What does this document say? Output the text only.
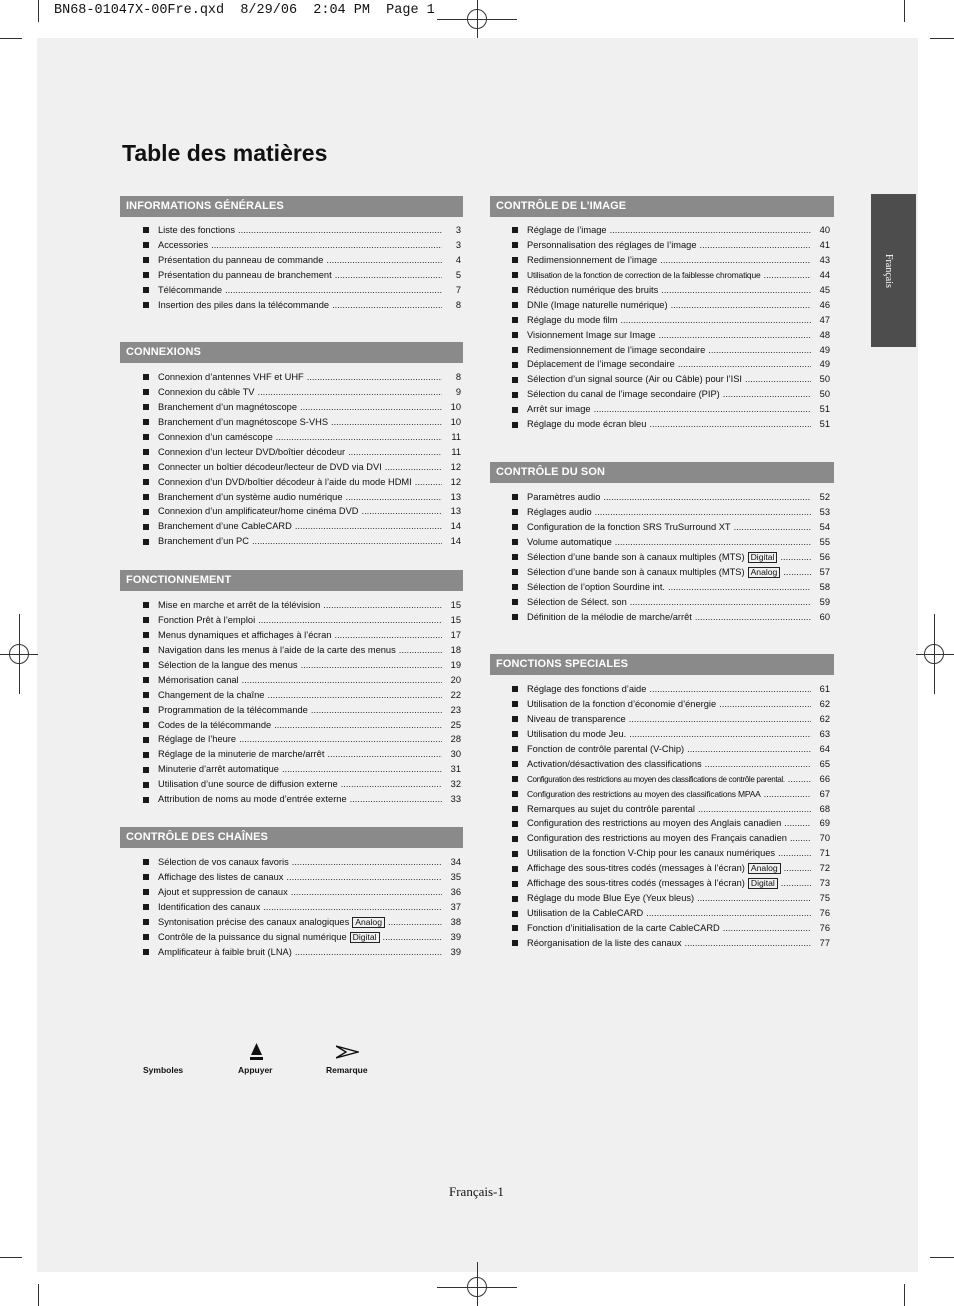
BN68-01047X-00Fre.qxd  8/29/06  2:04 PM  Page 1
Français
Table des matières
INFORMATIONS GÉNÉRALES
Liste des fonctions .....	3
Accessories .....	3
Présentation du panneau de commande .....	4
Présentation du panneau de branchement .....	5
Télécommande .....	7
Insertion des piles dans la télécommande .....	8
CONNEXIONS
Connexion d’antennes VHF et UHF .....	8
Connexion du câble TV .....	9
Branchement d’un magnétoscope .....	10
Branchement d’un magnétoscope S-VHS .....	10
Connexion d’un caméscope .....	11
Connexion d’un lecteur DVD/boîtier décodeur .....	11
Connecter un boîtier décodeur/lecteur de DVD via DVI .....	12
Connexion d’un DVD/boîtier décodeur à l’aide du mode HDMI .....	12
Branchement d’un système audio numérique .....	13
Connexion d’un amplificateur/home cinéma DVD .....	13
Branchement d’une CableCARD .....	14
Branchement d’un PC .....	14
FONCTIONNEMENT
Mise en marche et arrêt de la télévision .....	15
Fonction Prêt à l’emploi .....	15
Menus dynamiques et affichages à l’écran .....	17
Navigation dans les menus à l’aide de la carte des menus .....	18
Sélection de la langue des menus .....	19
Mémorisation canal .....	20
Changement de la chaîne .....	22
Programmation de la télécommande .....	23
Codes de la télécommande .....	25
Réglage de l’heure .....	28
Réglage de la minuterie de marche/arrêt .....	30
Minuterie d’arrêt automatique .....	31
Utilisation d’une source de diffusion externe .....	32
Attribution de noms au mode d’entrée externe .....	33
CONTRÔLE DES CHAÎNES
Sélection de vos canaux favoris .....	34
Affichage des listes de canaux .....	35
Ajout et suppression de canaux .....	36
Identification des canaux .....	37
Syntonisation précise des canaux analogiques Analog .....	38
Contrôle de la puissance du signal numérique Digital .....	39
Amplificateur à faible bruit (LNA) .....	39
CONTRÔLE DE L’IMAGE
Réglage de l’image .....	40
Personnalisation des réglages de l’image .....	41
Redimensionnement de l’image .....	43
Utilisation de la fonction de correction de la faiblesse chromatique .....	44
Réduction numérique des bruits .....	45
DNIe (Image naturelle numérique) .....	46
Réglage du mode film .....	47
Visionnement Image sur Image .....	48
Redimensionnement de l’image secondaire .....	49
Déplacement de l’image secondaire .....	49
Sélection d’un signal source (Air ou Câble) pour l’ISI .....	50
Sélection du canal de l’image secondaire (PIP) .....	50
Arrêt sur image .....	51
Réglage du mode écran bleu .....	51
CONTRÔLE DU SON
Paramètres audio .....	52
Réglages audio .....	53
Configuration de la fonction SRS TruSurround XT .....	54
Volume automatique .....	55
Sélection d’une bande son à canaux multiples (MTS) Digital .....	56
Sélection d’une bande son à canaux multiples (MTS) Analog .....	57
Sélection de l’option Sourdine int. .....	58
Sélection de Sélect. son .....	59
Définition de la mélodie de marche/arrêt .....	60
FONCTIONS SPECIALES
Réglage des fonctions d’aide .....	61
Utilisation de la fonction d’économie d’énergie .....	62
Niveau de transparence .....	62
Utilisation du mode Jeu. .....	63
Fonction de contrôle parental (V-Chip) .....	64
Activation/désactivation des classifications .....	65
Configuration des restrictions au moyen des classifications de contrôle parental. .....	66
Configuration des restrictions au moyen des classifications MPAA .....	67
Remarques au sujet du contrôle parental .....	68
Configuration des restrictions au moyen des Anglais canadien .....	69
Configuration des restrictions au moyen des Français canadien .....	70
Utilisation de la fonction V-Chip pour les canaux numériques .....	71
Affichage des sous-titres codés (messages à l’écran) Analog .....	72
Affichage des sous-titres codés (messages à l’écran) Digital .....	73
Réglage du mode Blue Eye (Yeux bleus) .....	75
Utilisation de la CableCARD .....	76
Fonction d’initialisation de la carte CableCARD .....	76
Réorganisation de la liste des canaux .....	77
Symboles	Appuyer	Remarque
Français-1
